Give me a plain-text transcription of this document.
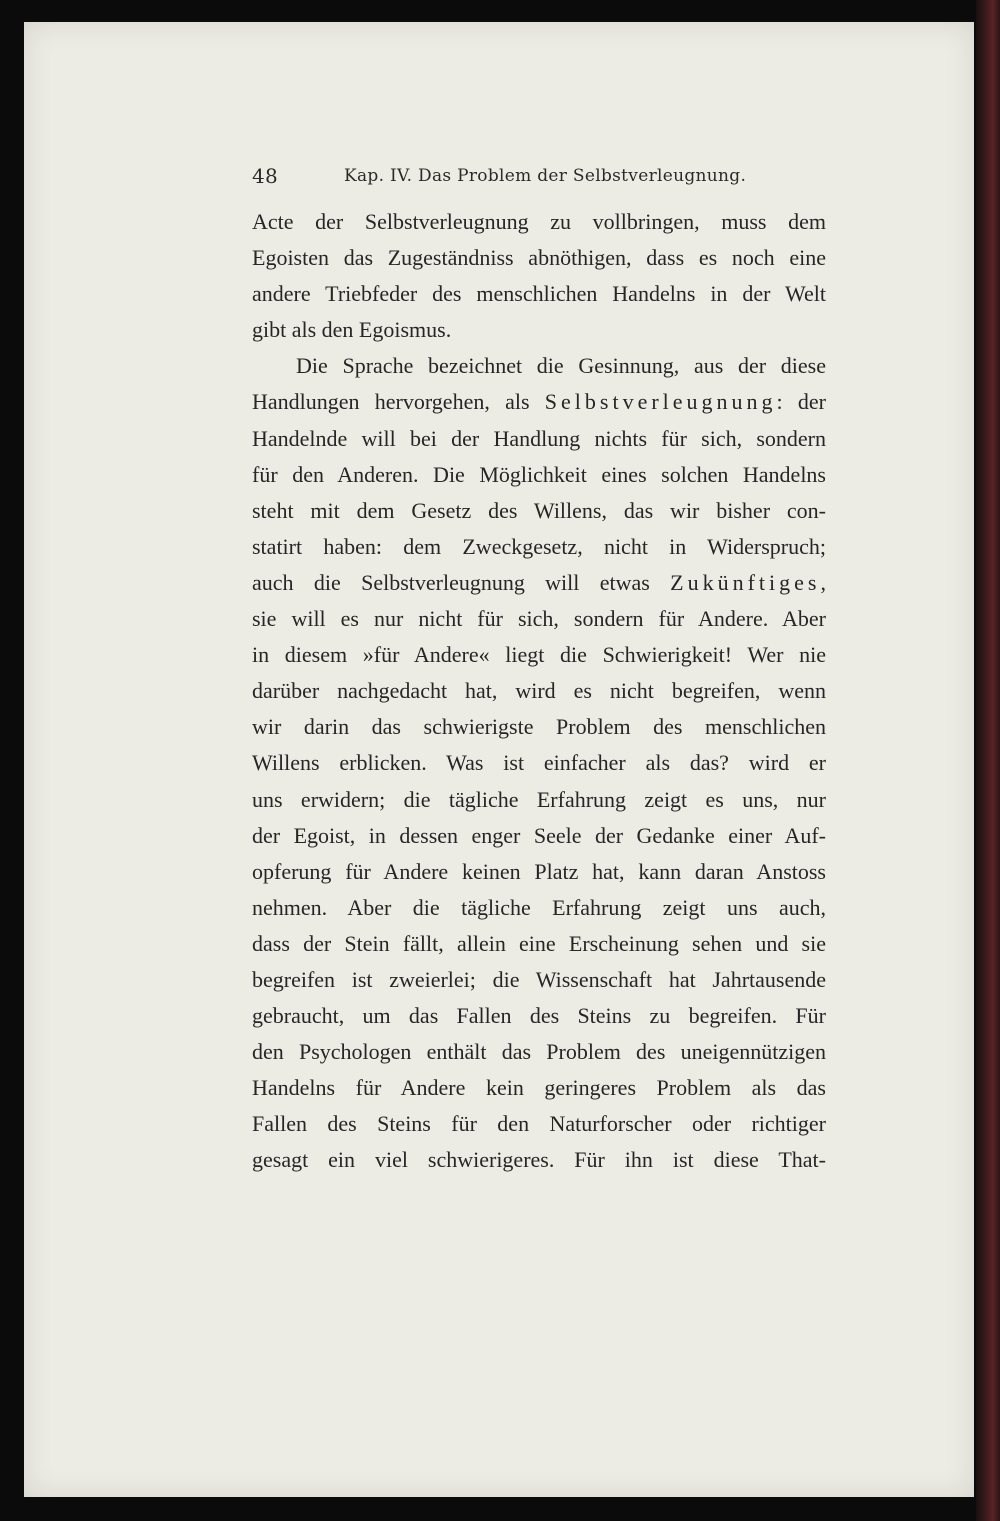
48	Kap. IV. Das Problem der Selbstverleugnung.
Acte der Selbstverleugnung zu vollbringen, muss dem
Egoisten das Zugeständniss abnöthigen, dass es noch eine
andere Triebfeder des menschlichen Handelns in der Welt
gibt als den Egoismus.
Die Sprache bezeichnet die Gesinnung, aus der diese
Handlungen hervorgehen, als Selbstverleugnung: der
Handelnde will bei der Handlung nichts für sich, sondern
für den Anderen. Die Möglichkeit eines solchen Handelns
steht mit dem Gesetz des Willens, das wir bisher con-
statirt haben: dem Zweckgesetz, nicht in Widerspruch;
auch die Selbstverleugnung will etwas Zukünftiges,
sie will es nur nicht für sich, sondern für Andere. Aber
in diesem »für Andere« liegt die Schwierigkeit! Wer nie
darüber nachgedacht hat, wird es nicht begreifen, wenn
wir darin das schwierigste Problem des menschlichen
Willens erblicken. Was ist einfacher als das? wird er
uns erwidern; die tägliche Erfahrung zeigt es uns, nur
der Egoist, in dessen enger Seele der Gedanke einer Auf-
opferung für Andere keinen Platz hat, kann daran Anstoss
nehmen. Aber die tägliche Erfahrung zeigt uns auch,
dass der Stein fällt, allein eine Erscheinung sehen und sie
begreifen ist zweierlei; die Wissenschaft hat Jahrtausende
gebraucht, um das Fallen des Steins zu begreifen. Für
den Psychologen enthält das Problem des uneigennützigen
Handelns für Andere kein geringeres Problem als das
Fallen des Steins für den Naturforscher oder richtiger
gesagt ein viel schwierigeres. Für ihn ist diese That-
